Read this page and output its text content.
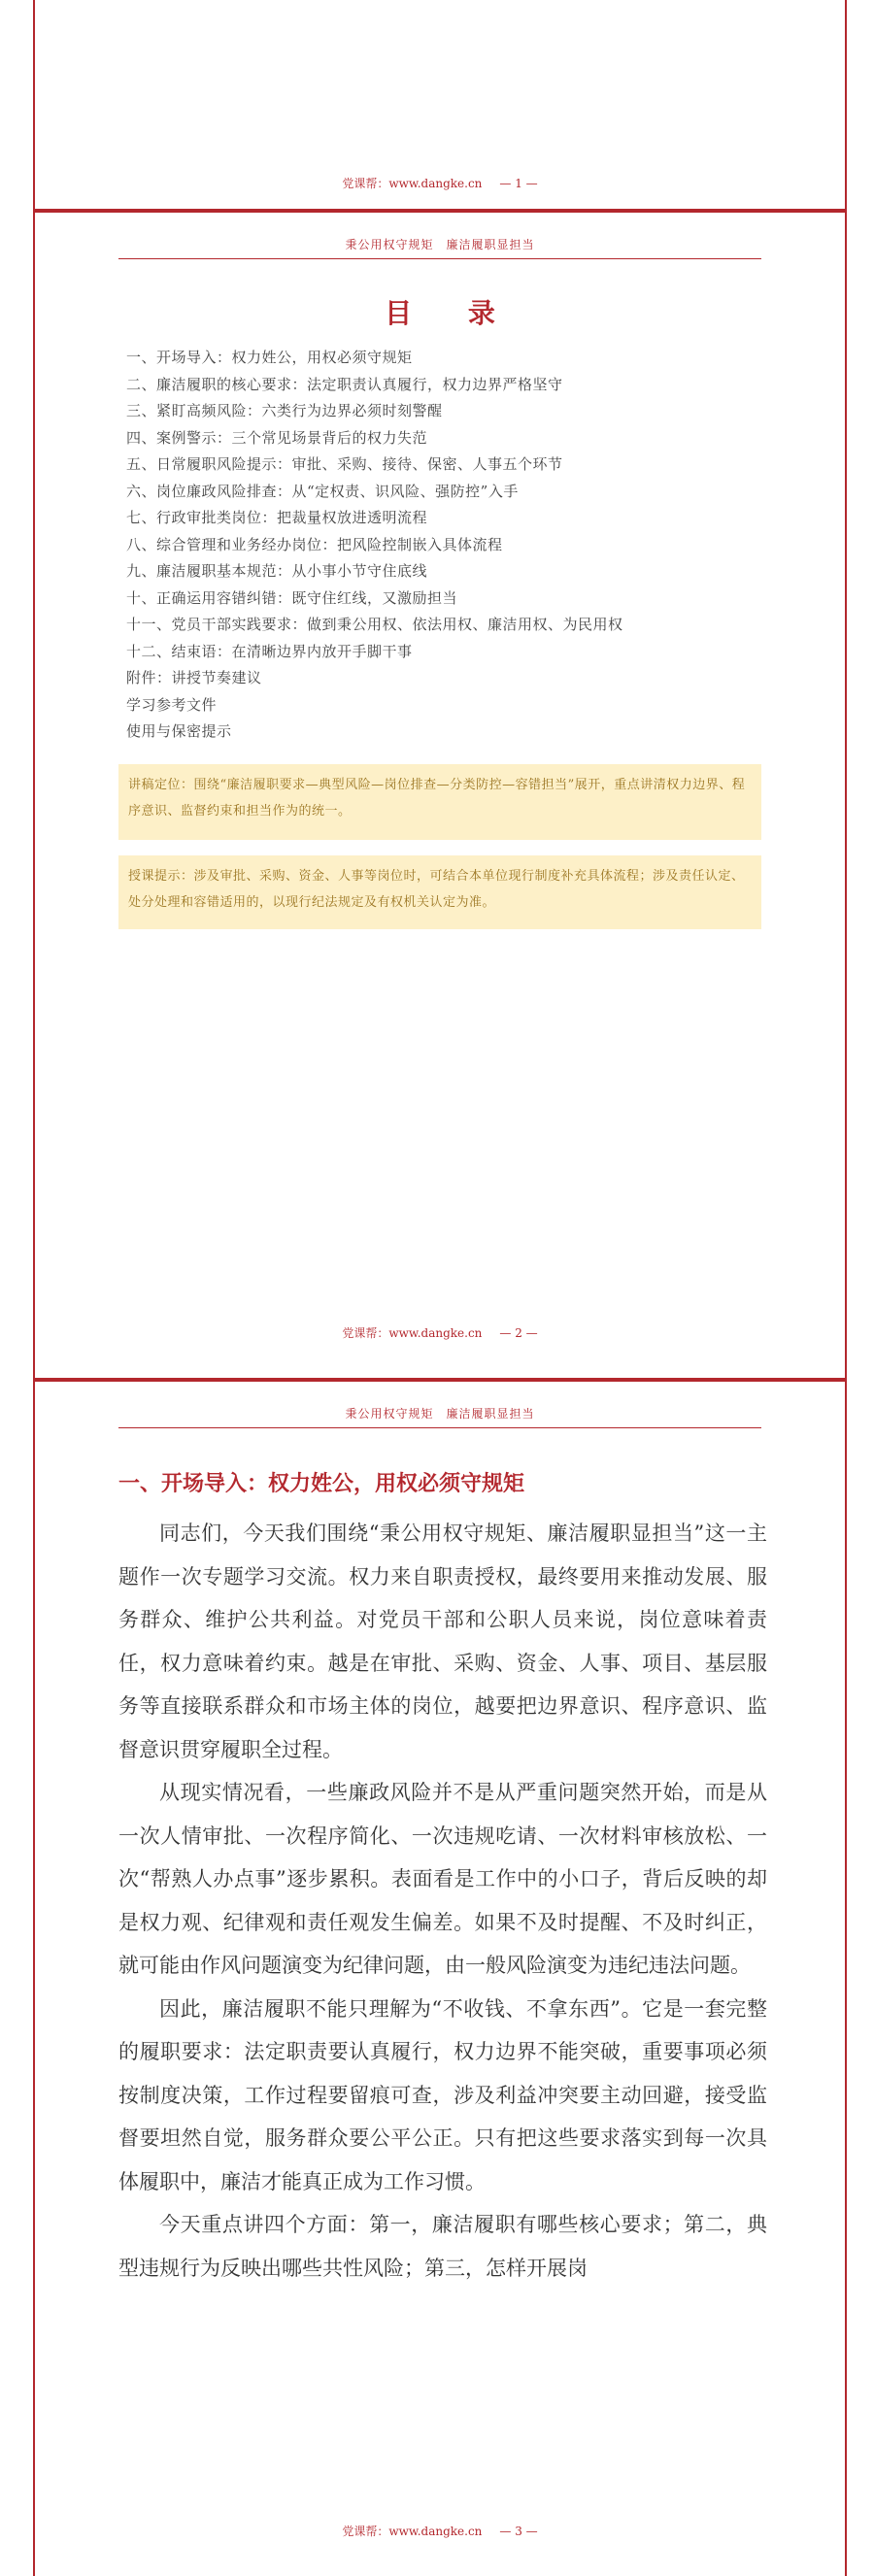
党课帮：www.dangke.cn — 1 —
秉公用权守规矩　廉洁履职显担当
目 录
一、开场导入：权力姓公，用权必须守规矩
二、廉洁履职的核心要求：法定职责认真履行，权力边界严格坚守
三、紧盯高频风险：六类行为边界必须时刻警醒
四、案例警示：三个常见场景背后的权力失范
五、日常履职风险提示：审批、采购、接待、保密、人事五个环节
六、岗位廉政风险排查：从“定权责、识风险、强防控”入手
七、行政审批类岗位：把裁量权放进透明流程
八、综合管理和业务经办岗位：把风险控制嵌入具体流程
九、廉洁履职基本规范：从小事小节守住底线
十、正确运用容错纠错：既守住红线，又激励担当
十一、党员干部实践要求：做到秉公用权、依法用权、廉洁用权、为民用权
十二、结束语：在清晰边界内放开手脚干事
附件：讲授节奏建议
学习参考文件
使用与保密提示
讲稿定位：围绕“廉洁履职要求—典型风险—岗位排查—分类防控—容错担当”展开，重点讲清权力边界、程序意识、监督约束和担当作为的统一。
授课提示：涉及审批、采购、资金、人事等岗位时，可结合本单位现行制度补充具体流程；涉及责任认定、处分处理和容错适用的，以现行纪法规定及有权机关认定为准。
党课帮：www.dangke.cn — 2 —
秉公用权守规矩　廉洁履职显担当
一、开场导入：权力姓公，用权必须守规矩

同志们，今天我们围绕“秉公用权守规矩、廉洁履职显担当”这一主题作一次专题学习交流。权力来自职责授权，最终要用来推动发展、服务群众、维护公共利益。对党员干部和公职人员来说，岗位意味着责任，权力意味着约束。越是在审批、采购、资金、人事、项目、基层服务等直接联系群众和市场主体的岗位，越要把边界意识、程序意识、监督意识贯穿履职全过程。

从现实情况看，一些廉政风险并不是从严重问题突然开始，而是从一次人情审批、一次程序简化、一次违规吃请、一次材料审核放松、一次“帮熟人办点事”逐步累积。表面看是工作中的小口子，背后反映的却是权力观、纪律观和责任观发生偏差。如果不及时提醒、不及时纠正，就可能由作风问题演变为纪律问题，由一般风险演变为违纪违法问题。

因此，廉洁履职不能只理解为“不收钱、不拿东西”。它是一套完整的履职要求：法定职责要认真履行，权力边界不能突破，重要事项必须按制度决策，工作过程要留痕可查，涉及利益冲突要主动回避，接受监督要坦然自觉，服务群众要公平公正。只有把这些要求落实到每一次具体履职中，廉洁才能真正成为工作习惯。

今天重点讲四个方面：第一，廉洁履职有哪些核心要求；第二，典型违规行为反映出哪些共性风险；第三，怎样开展岗

党课帮：www.dangke.cn — 3 —
